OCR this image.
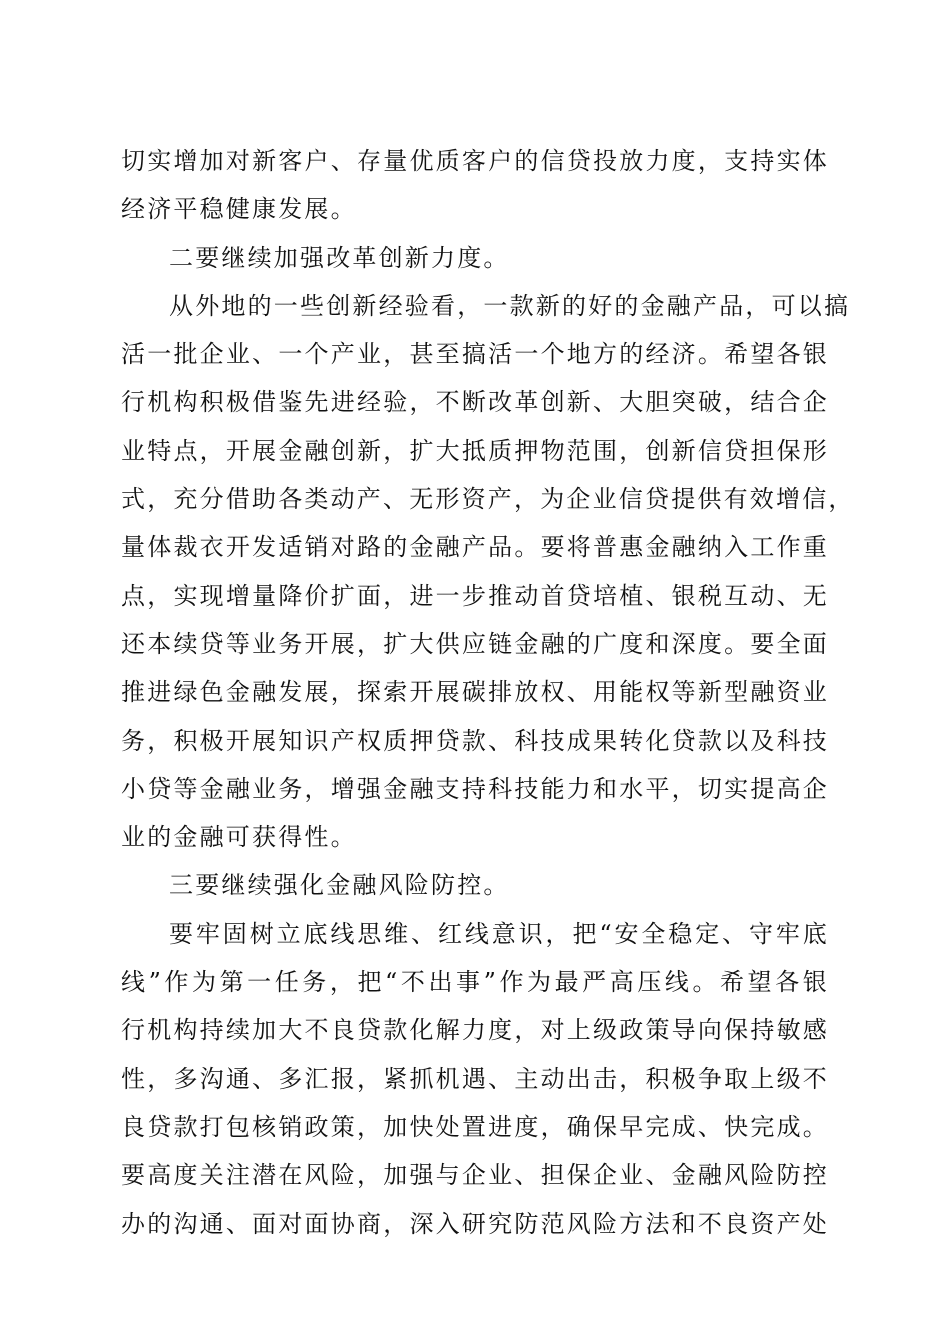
切实增加对新客户、存量优质客户的信贷投放力度，支持实体
经济平稳健康发展。
二要继续加强改革创新力度。
从外地的一些创新经验看，一款新的好的金融产品，可以搞
活一批企业、一个产业，甚至搞活一个地方的经济。希望各银
行机构积极借鉴先进经验，不断改革创新、大胆突破，结合企
业特点，开展金融创新，扩大抵质押物范围，创新信贷担保形
式，充分借助各类动产、无形资产，为企业信贷提供有效增信，
量体裁衣开发适销对路的金融产品。要将普惠金融纳入工作重
点，实现增量降价扩面，进一步推动首贷培植、银税互动、无
还本续贷等业务开展，扩大供应链金融的广度和深度。要全面
推进绿色金融发展，探索开展碳排放权、用能权等新型融资业
务，积极开展知识产权质押贷款、科技成果转化贷款以及科技
小贷等金融业务，增强金融支持科技能力和水平，切实提高企
业的金融可获得性。
三要继续强化金融风险防控。
要牢固树立底线思维、红线意识，把“安全稳定、守牢底
线”作为第一任务，把“不出事”作为最严高压线。希望各银
行机构持续加大不良贷款化解力度，对上级政策导向保持敏感
性，多沟通、多汇报，紧抓机遇、主动出击，积极争取上级不
良贷款打包核销政策，加快处置进度，确保早完成、快完成。
要高度关注潜在风险，加强与企业、担保企业、金融风险防控
办的沟通、面对面协商，深入研究防范风险方法和不良资产处
